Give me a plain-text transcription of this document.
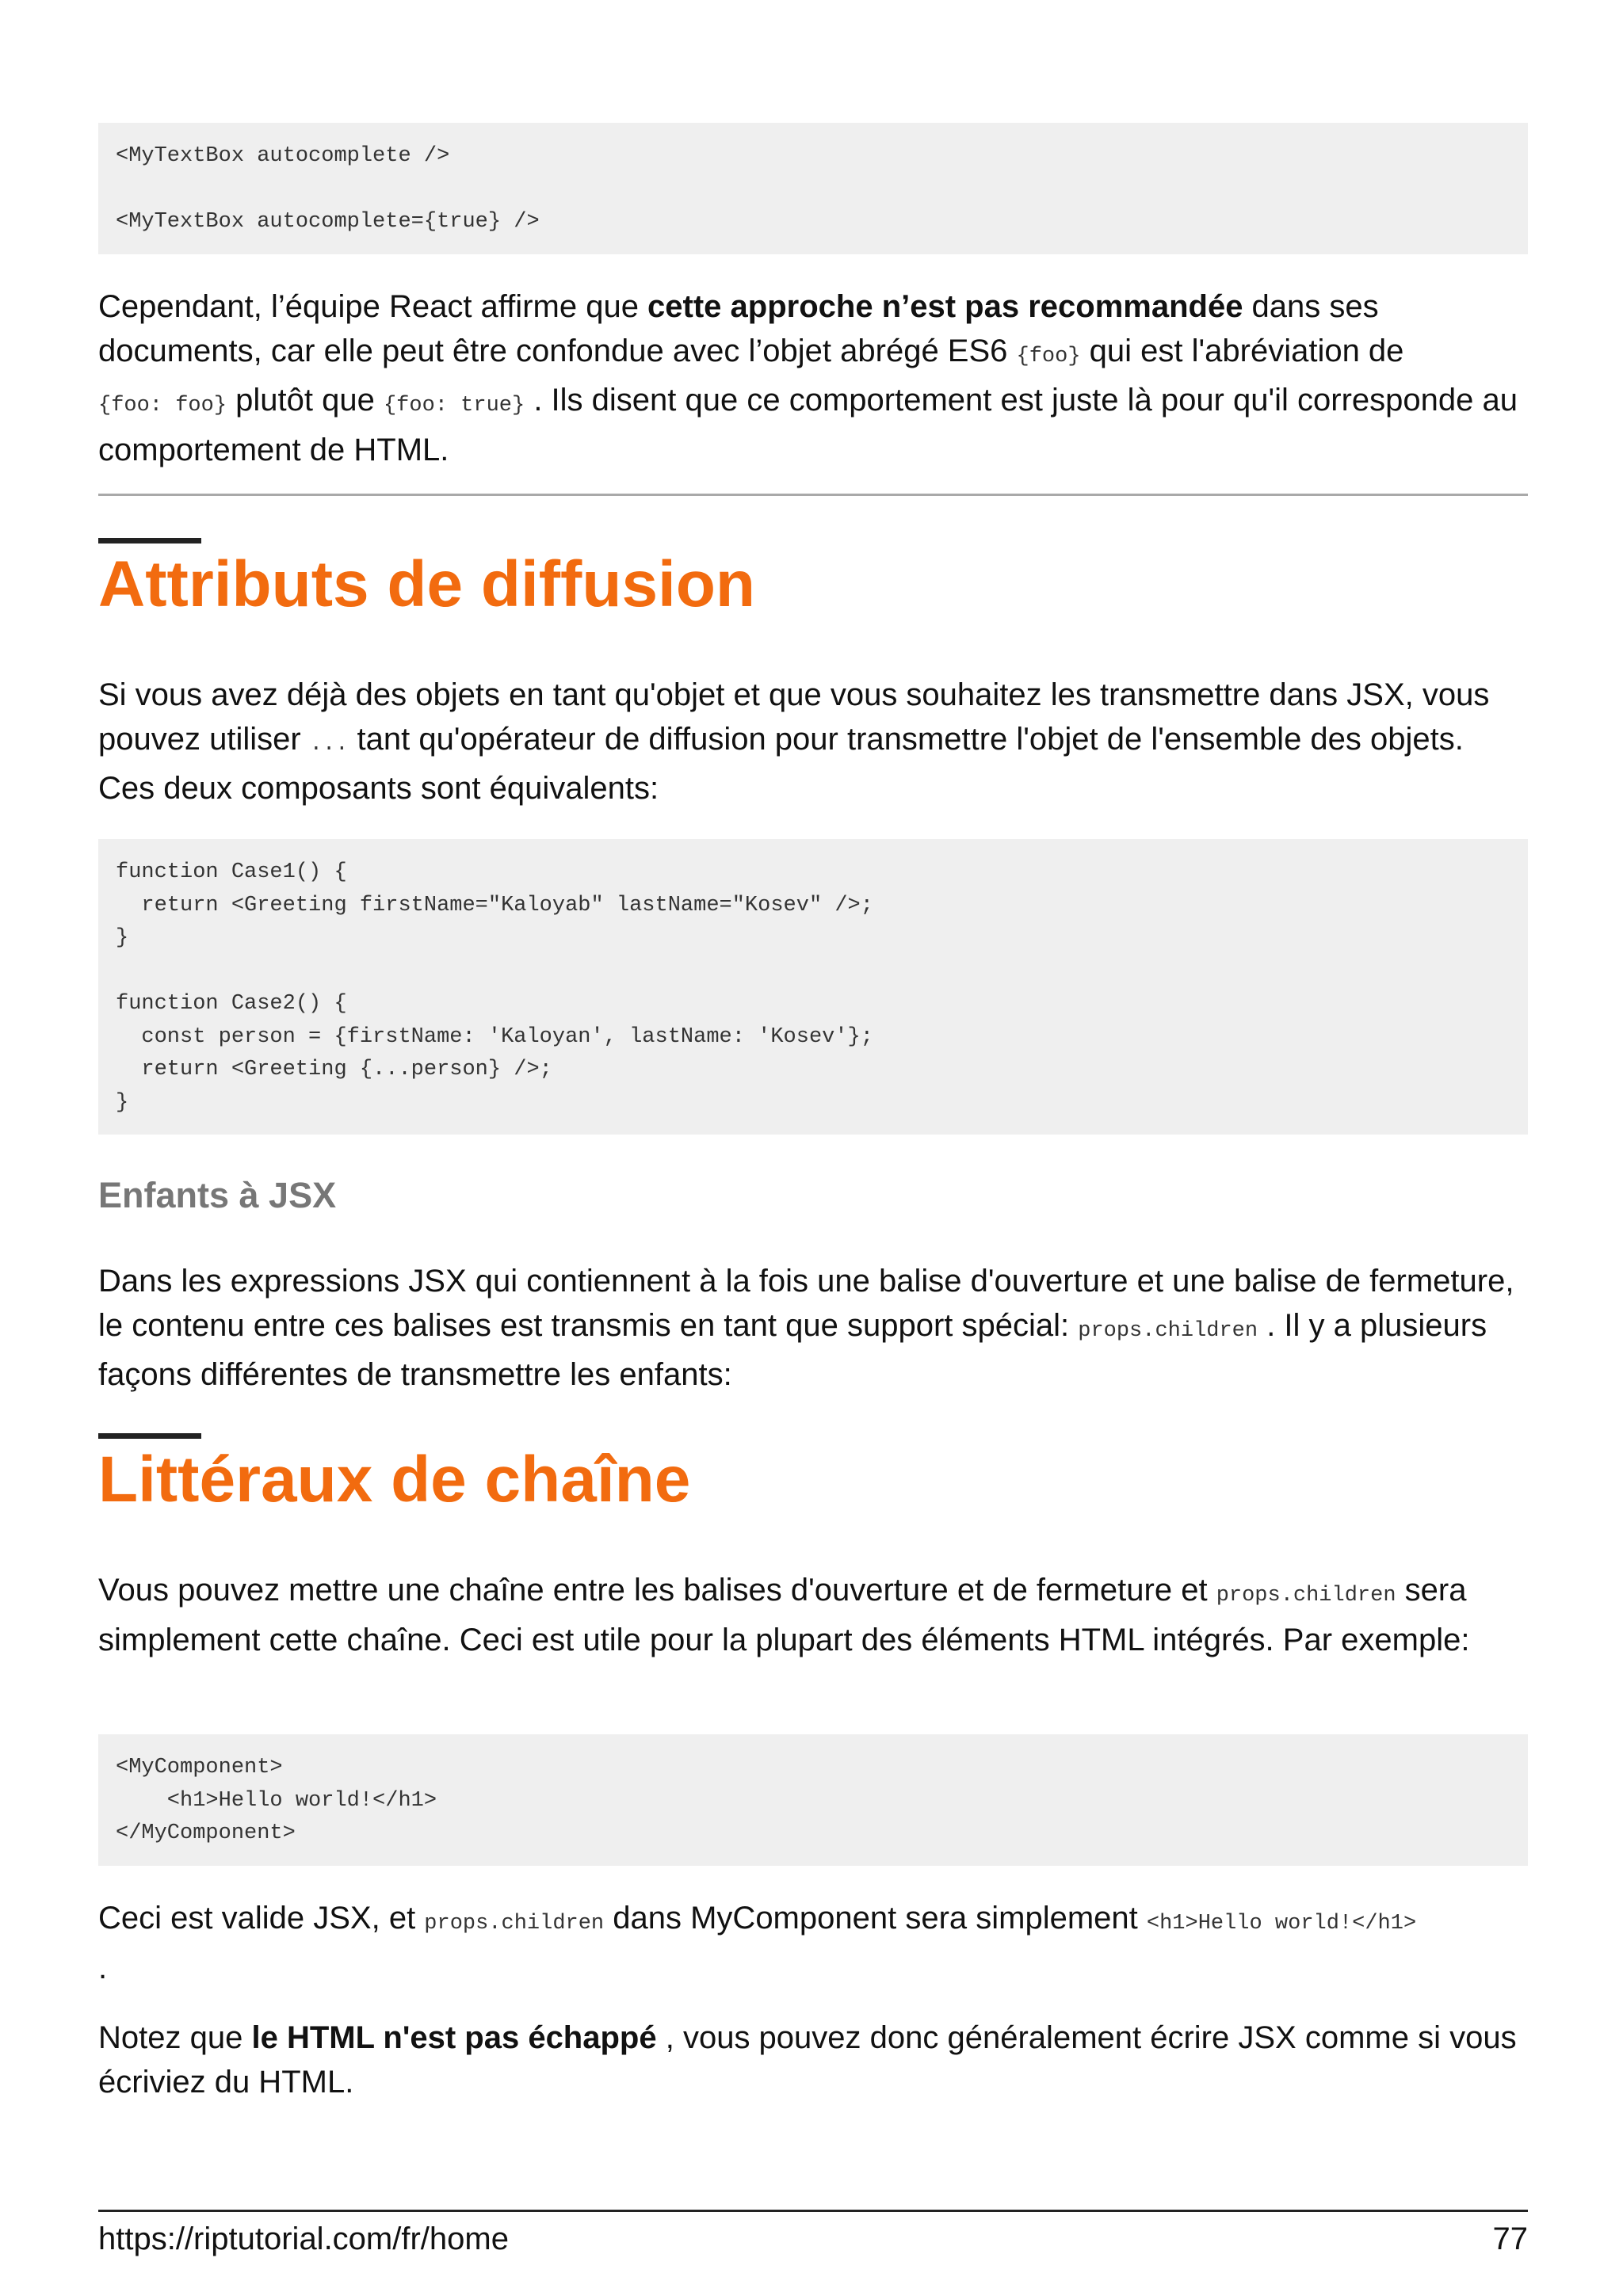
<MyTextBox autocomplete />
<MyTextBox autocomplete={true} />
Cependant, l’équipe React affirme que cette approche n’est pas recommandée dans ses documents, car elle peut être confondue avec l’objet abrégé ES6 {foo} qui est l'abréviation de
{foo: foo} plutôt que {foo: true} . Ils disent que ce comportement est juste là pour qu'il corresponde au comportement de HTML.
Attributs de diffusion
Si vous avez déjà des objets en tant qu'objet et que vous souhaitez les transmettre dans JSX, vous pouvez utiliser ... tant qu'opérateur de diffusion pour transmettre l'objet de l'ensemble des objets. Ces deux composants sont équivalents:
function Case1() {
return <Greeting firstName="Kaloyab" lastName="Kosev" />;
}
function Case2() {
const person = {firstName: 'Kaloyan', lastName: 'Kosev'};
return <Greeting {...person} />;
}
Enfants à JSX
Dans les expressions JSX qui contiennent à la fois une balise d'ouverture et une balise de fermeture, le contenu entre ces balises est transmis en tant que support spécial: props.children . Il y a plusieurs façons différentes de transmettre les enfants:
Littéraux de chaîne
Vous pouvez mettre une chaîne entre les balises d'ouverture et de fermeture et props.children sera simplement cette chaîne. Ceci est utile pour la plupart des éléments HTML intégrés. Par exemple:
<MyComponent>
<h1>Hello world!</h1>
</MyComponent>
Ceci est valide JSX, et props.children dans MyComponent sera simplement <h1>Hello world!</h1>
.
Notez que le HTML n'est pas échappé , vous pouvez donc généralement écrire JSX comme si vous écriviez du HTML.
https://riptutorial.com/fr/home	77
